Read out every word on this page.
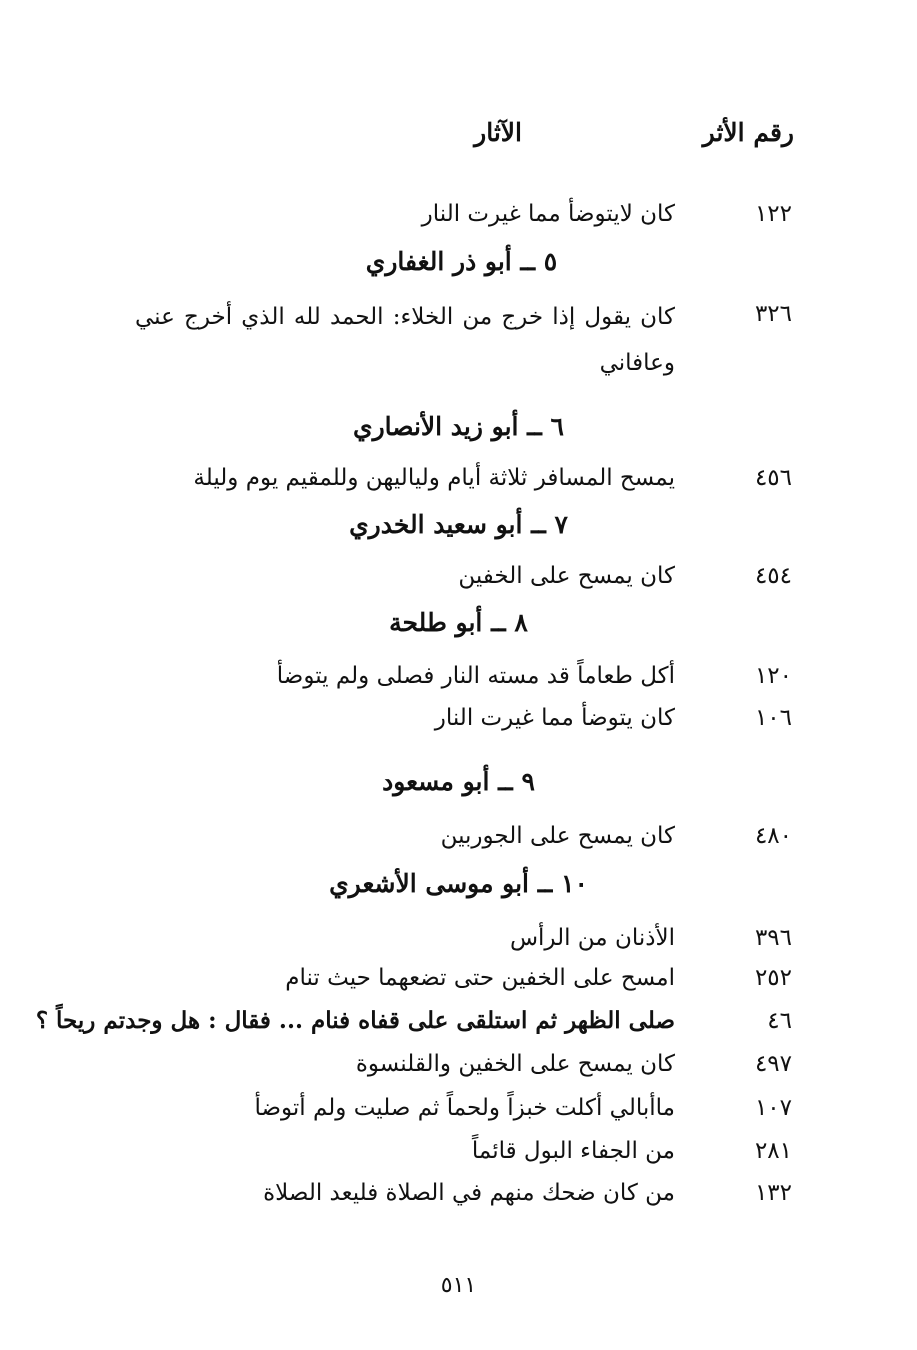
رقم الأثر
الآثار
١٢٢
كان لايتوضأ مما غيرت النار
٥ ــ أبو ذر الغفاري
٣٢٦
كان يقول إذا خرج من الخلاء: الحمد لله الذي أخرج عني وعافاني
٦ ــ أبو زيد الأنصاري
٤٥٦
يمسح المسافر ثلاثة أيام ولياليهن وللمقيم يوم وليلة
٧ ــ أبو سعيد الخدري
٤٥٤
كان يمسح على الخفين
٨ ــ أبو طلحة
١٢٠
أكل طعاماً قد مسته النار فصلى ولم يتوضأ
١٠٦
كان يتوضأ مما غيرت النار
٩ ــ أبو مسعود
٤٨٠
كان يمسح على الجوربين
١٠ ــ أبو موسى الأشعري
٣٩٦
الأذنان من الرأس
٢٥٢
امسح على الخفين حتى تضعهما حيث تنام
٤٦
صلى الظهر ثم استلقى على قفاه فنام ... فقال : هل وجدتم ريحاً ؟
٤٩٧
كان يمسح على الخفين والقلنسوة
١٠٧
ماأبالي أكلت خبزاً ولحماً ثم صليت ولم أتوضأ
٢٨١
من الجفاء البول قائماً
١٣٢
من كان ضحك منهم في الصلاة فليعد الصلاة
٥١١
